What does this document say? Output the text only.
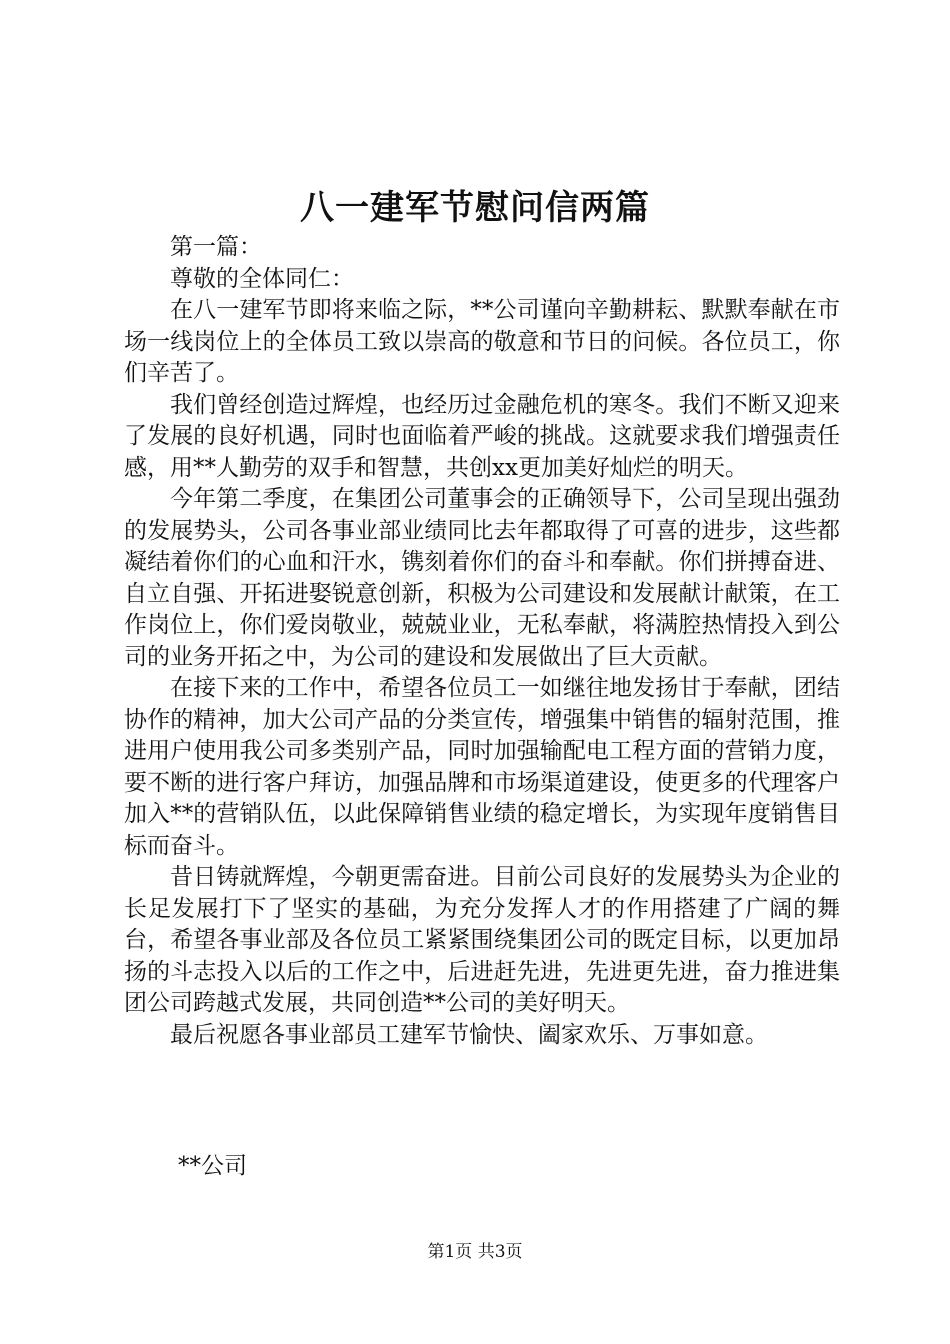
八一建军节慰问信两篇

第一篇：

尊敬的全体同仁：

在八一建军节即将来临之际，**公司谨向辛勤耕耘、默默奉献在市场一线岗位上的全体员工致以崇高的敬意和节日的问候。各位员工，你们辛苦了。

我们曾经创造过辉煌，也经历过金融危机的寒冬。我们不断又迎来了发展的良好机遇，同时也面临着严峻的挑战。这就要求我们增强责任感，用**人勤劳的双手和智慧，共创xx更加美好灿烂的明天。

今年第二季度，在集团公司董事会的正确领导下，公司呈现出强劲的发展势头，公司各事业部业绩同比去年都取得了可喜的进步，这些都凝结着你们的心血和汗水，镌刻着你们的奋斗和奉献。你们拼搏奋进、自立自强、开拓进娶锐意创新，积极为公司建设和发展献计献策，在工作岗位上，你们爱岗敬业，兢兢业业，无私奉献，将满腔热情投入到公司的业务开拓之中，为公司的建设和发展做出了巨大贡献。

在接下来的工作中，希望各位员工一如继往地发扬甘于奉献，团结协作的精神，加大公司产品的分类宣传，增强集中销售的辐射范围，推进用户使用我公司多类别产品，同时加强输配电工程方面的营销力度，要不断的进行客户拜访，加强品牌和市场渠道建设，使更多的代理客户加入**的营销队伍，以此保障销售业绩的稳定增长，为实现年度销售目标而奋斗。

昔日铸就辉煌，今朝更需奋进。目前公司良好的发展势头为企业的长足发展打下了坚实的基础，为充分发挥人才的作用搭建了广阔的舞台，希望各事业部及各位员工紧紧围绕集团公司的既定目标，以更加昂扬的斗志投入以后的工作之中，后进赶先进，先进更先进，奋力推进集团公司跨越式发展，共同创造**公司的美好明天。

最后祝愿各事业部员工建军节愉快、阖家欢乐、万事如意。

**公司
第1页 共3页
